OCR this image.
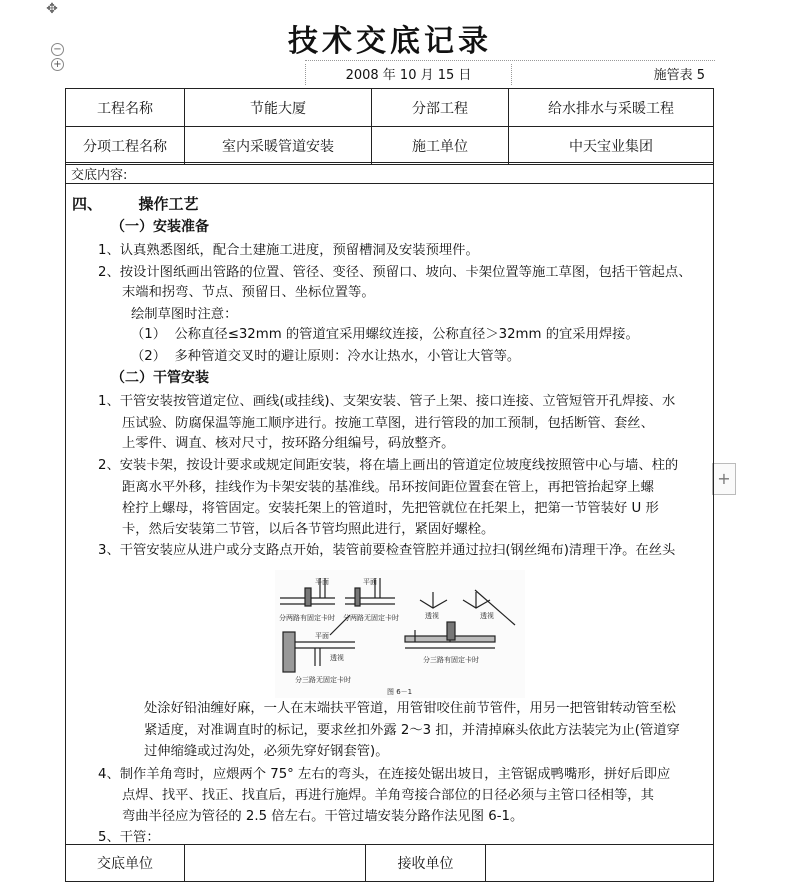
✥
−
+
+
技术交底记录
2008 年 10 月 15 日	施管表 5
工程名称	节能大厦	分部工程	给水排水与采暖工程
分项工程名称	室内采暖管道安装	施工单位	中天宝业集团
交底内容:
四、       操作工艺
（一）安装准备
1、认真熟悉图纸，配合土建施工进度，预留槽洞及安装预埋件。
2、按设计图纸画出管路的位置、管径、变径、预留口、坡向、卡架位置等施工草图，包括干管起点、
末端和拐弯、节点、预留日、坐标位置等。
绘制草图时注意：
（1）  公称直径≤32mm 的管道宜采用螺纹连接，公称直径＞32mm 的宜采用焊接。
（2）  多种管道交叉时的避让原则：冷水让热水，小管让大管等。
（二）干管安装
1、干管安装按管道定位、画线(或挂线)、支架安装、管子上架、接口连接、立管短管开孔焊接、水
压试验、防腐保温等施工顺序进行。按施工草图，进行管段的加工预制，包括断管、套丝、
上零件、调直、核对尺寸，按环路分组编号，码放整齐。
2、安装卡架，按设计要求或规定间距安装，将在墙上画出的管道定位坡度线按照管中心与墙、柱的
距离水平外移，挂线作为卡架安装的基准线。吊环按间距位置套在管上，再把管抬起穿上螺
栓拧上螺母，将管固定。安装托架上的管道时，先把管就位在托架上，把第一节管装好 U 形
卡，然后安装第二节管，以后各节管均照此进行，紧固好螺栓。
3、干管安装应从进户或分支路点开始，装管前要检查管腔并通过拉扫(钢丝绳布)清理干净。在丝头
处涂好铅油缠好麻，一人在末端扶平管道，用管钳咬住前节管件，用另一把管钳转动管至松
紧适度，对准调直时的标记，要求丝扣外露 2～3 扣，并清掉麻头依此方法装完为止(管道穿
过伸缩缝或过沟处，必须先穿好钢套管)。
4、制作羊角弯时，应煨两个 75° 左右的弯头，在连接处锯出坡日，主管锯成鸭嘴形，拼好后即应
点焊、找平、找正、找直后，再进行施焊。羊角弯接合部位的日径必须与主管口径相等，其
弯曲半径应为管径的 2.5 倍左右。干管过墙安装分路作法见图 6-1。
5、干管：
平面	平面
透视	透视
平面
透视
分两路有固定卡时 分两路无固定卡时
分三路无固定卡时
分三路有固定卡时
图 6－1
交底单位		接收单位	
